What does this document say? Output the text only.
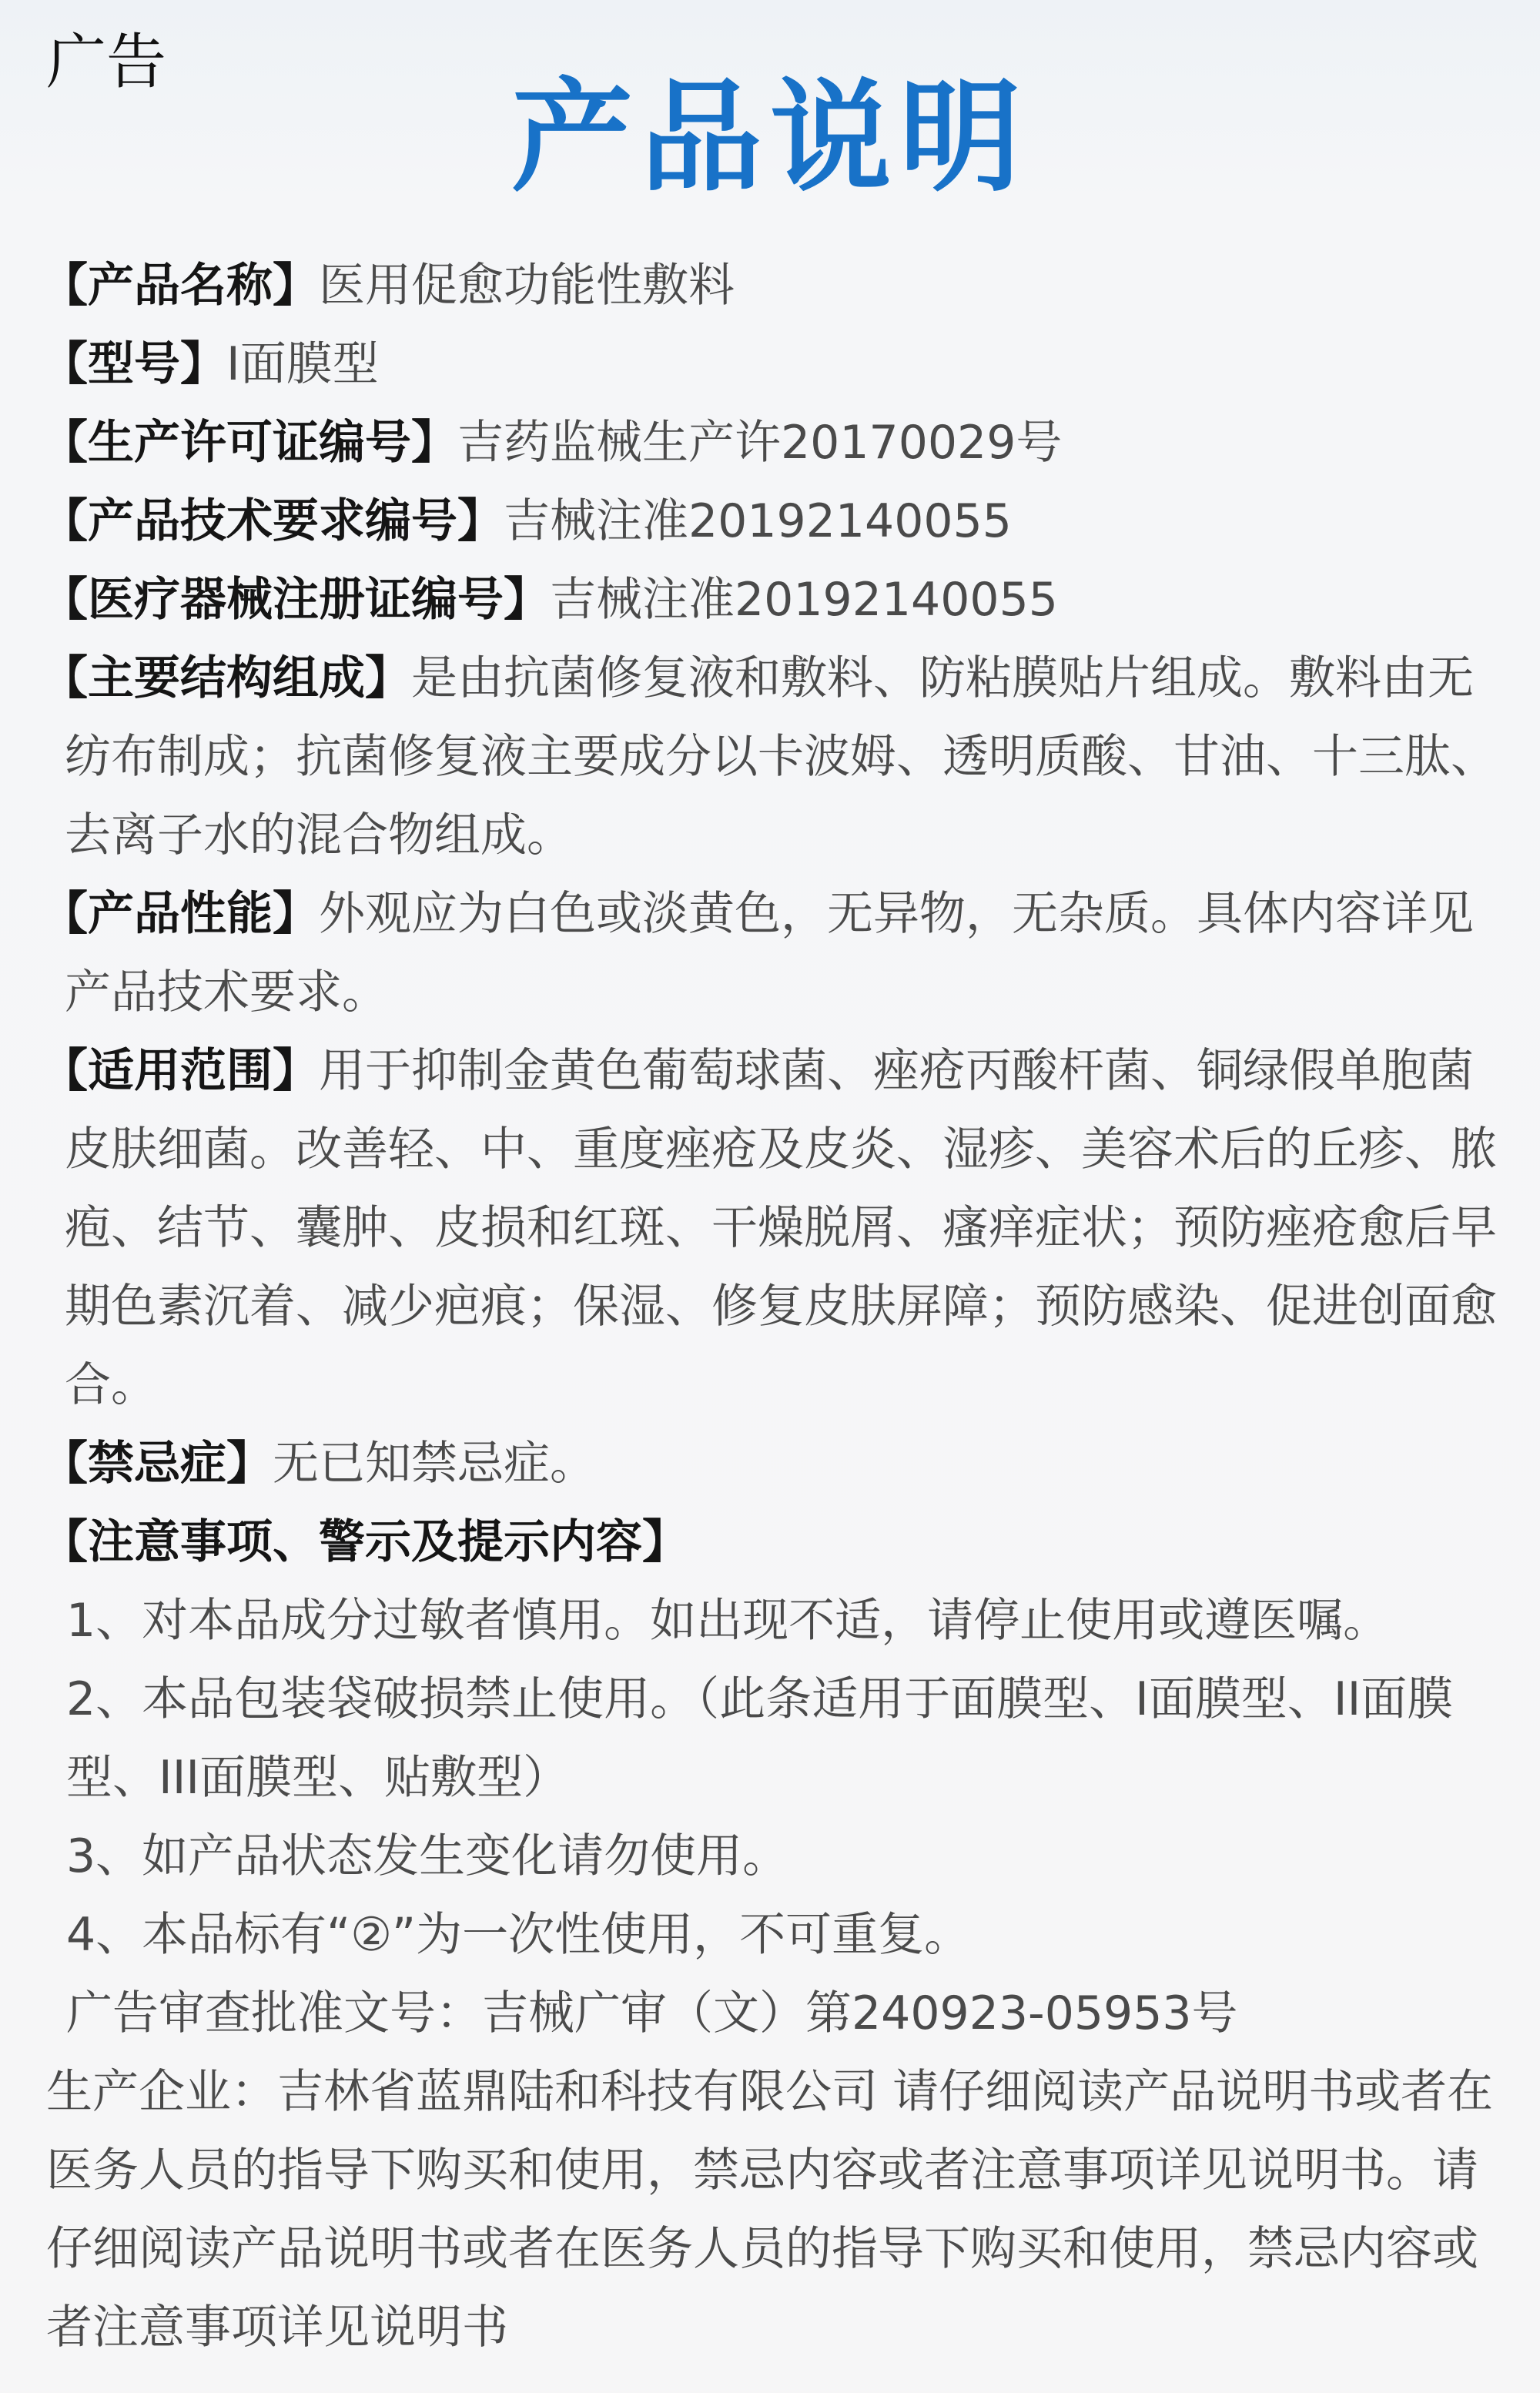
广告
产品说明
【产品名称】医用促愈功能性敷料
【型号】I面膜型
【生产许可证编号】吉药监械生产许20170029号
【产品技术要求编号】吉械注准20192140055
【医疗器械注册证编号】吉械注准20192140055
【主要结构组成】是由抗菌修复液和敷料、防粘膜贴片组成。敷料由无纺布制成；抗菌修复液主要成分以卡波姆、透明质酸、甘油、十三肽、去离子水的混合物组成。
【产品性能】外观应为白色或淡黄色，无异物，无杂质。具体内容详见产品技术要求。
【适用范围】用于抑制金黄色葡萄球菌、痤疮丙酸杆菌、铜绿假单胞菌皮肤细菌。改善轻、中、重度痤疮及皮炎、湿疹、美容术后的丘疹、脓疱、结节、囊肿、皮损和红斑、干燥脱屑、瘙痒症状；预防痤疮愈后早期色素沉着、减少疤痕；保湿、修复皮肤屏障；预防感染、促进创面愈合。
【禁忌症】无已知禁忌症。
【注意事项、警示及提示内容】
1、对本品成分过敏者慎用。如出现不适，请停止使用或遵医嘱。
2、本品包装袋破损禁止使用。（此条适用于面膜型、I面膜型、II面膜型、III面膜型、贴敷型）
3、如产品状态发生变化请勿使用。
4、本品标有“②”为一次性使用，不可重复。
广告审查批准文号：吉械广审（文）第240923-05953号
生产企业：吉林省蓝鼎陆和科技有限公司 请仔细阅读产品说明书或者在医务人员的指导下购买和使用，禁忌内容或者注意事项详见说明书。请仔细阅读产品说明书或者在医务人员的指导下购买和使用，禁忌内容或者注意事项详见说明书
